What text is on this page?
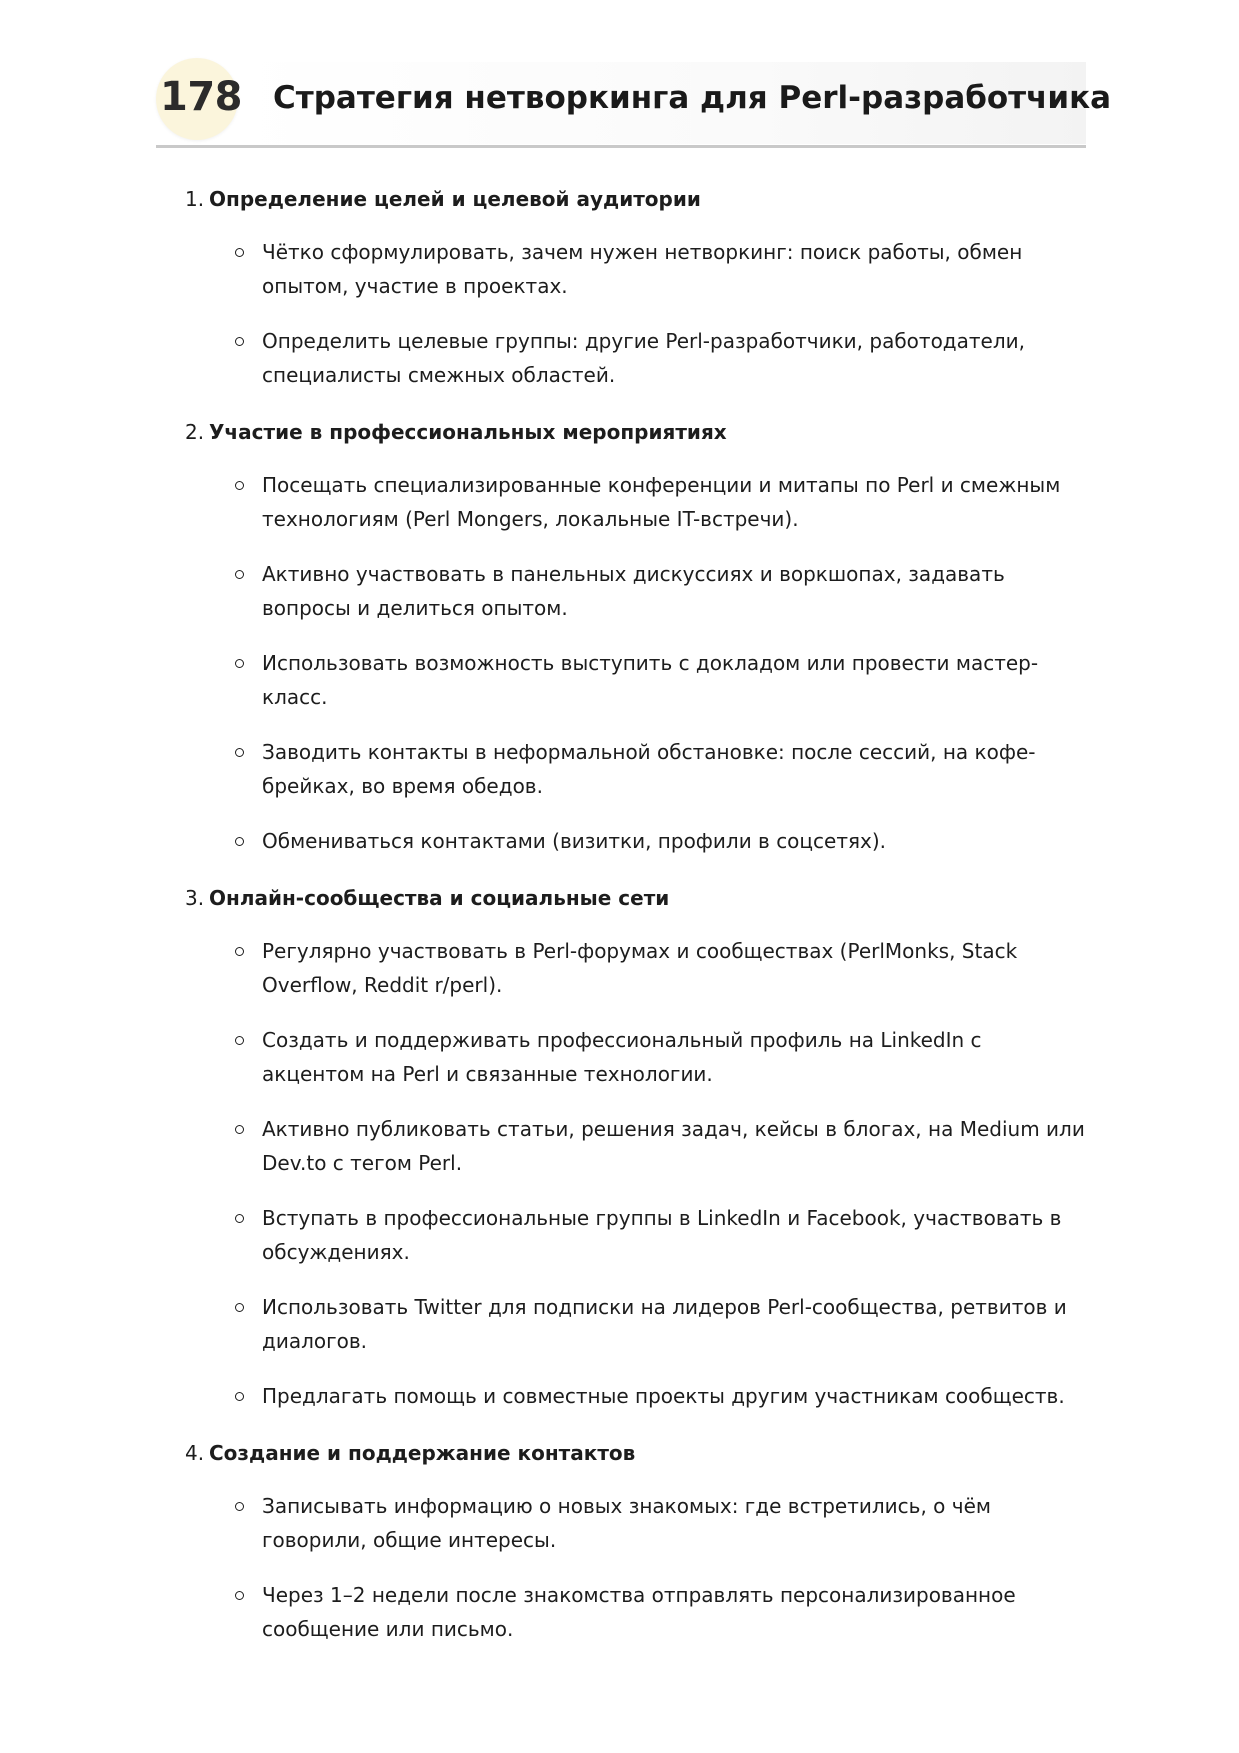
178 Стратегия нетворкинга для Perl-разработчика
1. Определение целей и целевой аудитории
Чётко сформулировать, зачем нужен нетворкинг: поиск работы, обмен опытом, участие в проектах.
Определить целевые группы: другие Perl-разработчики, работодатели, специалисты смежных областей.
2. Участие в профессиональных мероприятиях
Посещать специализированные конференции и митапы по Perl и смежным технологиям (Perl Mongers, локальные IT-встречи).
Активно участвовать в панельных дискуссиях и воркшопах, задавать вопросы и делиться опытом.
Использовать возможность выступить с докладом или провести мастер-класс.
Заводить контакты в неформальной обстановке: после сессий, на кофе-брейках, во время обедов.
Обмениваться контактами (визитки, профили в соцсетях).
3. Онлайн-сообщества и социальные сети
Регулярно участвовать в Perl-форумах и сообществах (PerlMonks, Stack Overflow, Reddit r/perl).
Создать и поддерживать профессиональный профиль на LinkedIn с акцентом на Perl и связанные технологии.
Активно публиковать статьи, решения задач, кейсы в блогах, на Medium или Dev.to с тегом Perl.
Вступать в профессиональные группы в LinkedIn и Facebook, участвовать в обсуждениях.
Использовать Twitter для подписки на лидеров Perl-сообщества, ретвитов и диалогов.
Предлагать помощь и совместные проекты другим участникам сообществ.
4. Создание и поддержание контактов
Записывать информацию о новых знакомых: где встретились, о чём говорили, общие интересы.
Через 1–2 недели после знакомства отправлять персонализированное сообщение или письмо.
